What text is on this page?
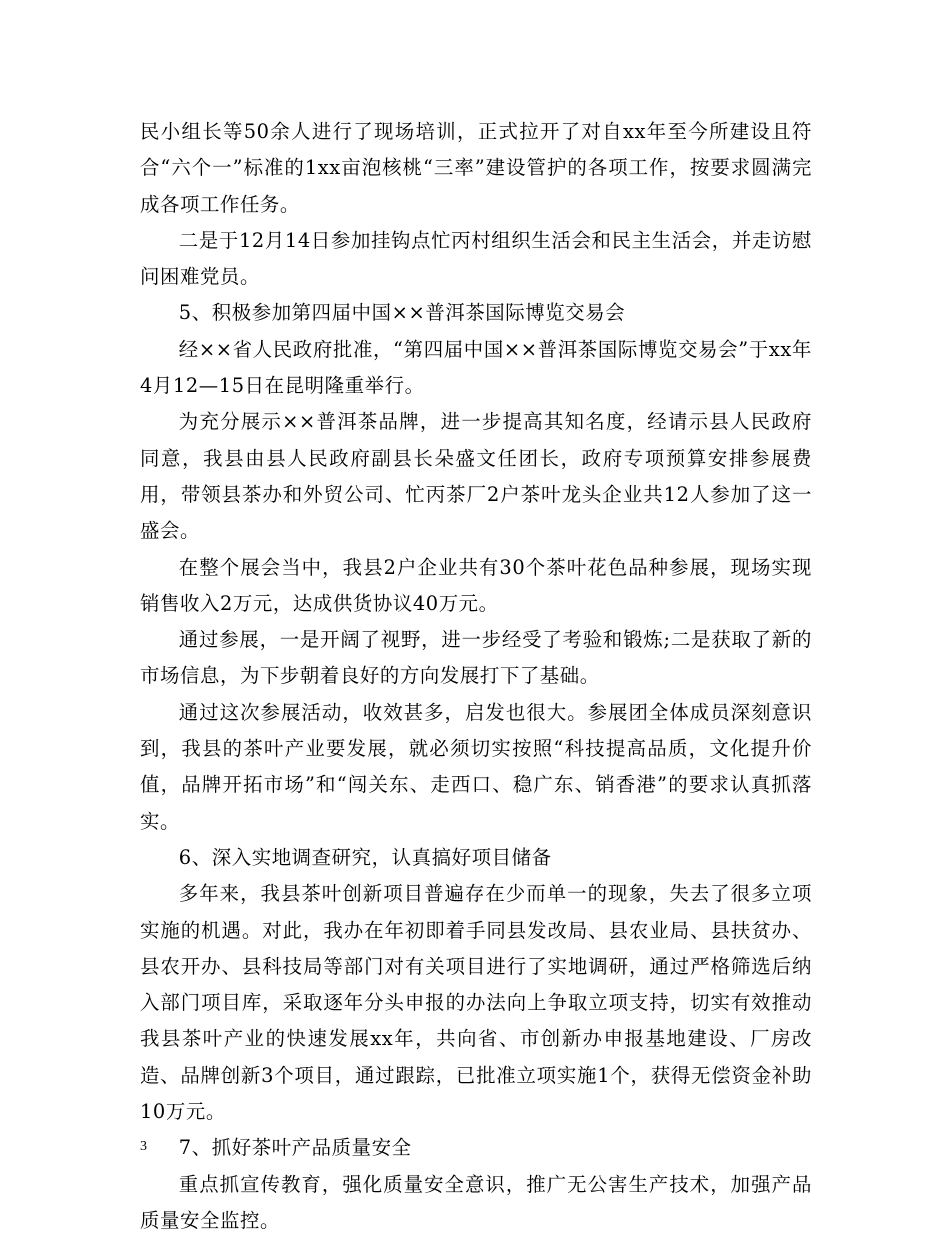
民小组长等50余人进行了现场培训，正式拉开了对自xx年至今所建设且符合“六个一”标准的1xx亩泡核桃“三率”建设管护的各项工作，按要求圆满完成各项工作任务。

二是于12月14日参加挂钩点忙丙村组织生活会和民主生活会，并走访慰问困难党员。

5、积极参加第四届中国××普洱茶国际博览交易会

经××省人民政府批准，“第四届中国××普洱茶国际博览交易会”于xx年4月12—15日在昆明隆重举行。

为充分展示××普洱茶品牌，进一步提高其知名度，经请示县人民政府同意，我县由县人民政府副县长朵盛文任团长，政府专项预算安排参展费用，带领县茶办和外贸公司、忙丙茶厂2户茶叶龙头企业共12人参加了这一盛会。

在整个展会当中，我县2户企业共有30个茶叶花色品种参展，现场实现销售收入2万元，达成供货协议40万元。

通过参展，一是开阔了视野，进一步经受了考验和锻炼;二是获取了新的市场信息，为下步朝着良好的方向发展打下了基础。

通过这次参展活动，收效甚多，启发也很大。参展团全体成员深刻意识到，我县的茶叶产业要发展，就必须切实按照“科技提高品质，文化提升价值，品牌开拓市场”和“闯关东、走西口、稳广东、销香港”的要求认真抓落实。

6、深入实地调查研究，认真搞好项目储备

多年来，我县茶叶创新项目普遍存在少而单一的现象，失去了很多立项实施的机遇。对此，我办在年初即着手同县发改局、县农业局、县扶贫办、县农开办、县科技局等部门对有关项目进行了实地调研，通过严格筛选后纳入部门项目库，采取逐年分头申报的办法向上争取立项支持，切实有效推动我县茶叶产业的快速发展xx年，共向省、市创新办申报基地建设、厂房改造、品牌创新3个项目，通过跟踪，已批准立项实施1个，获得无偿资金补助10万元。

7、抓好茶叶产品质量安全

重点抓宣传教育，强化质量安全意识，推广无公害生产技术，加强产品质量安全监控。

3
